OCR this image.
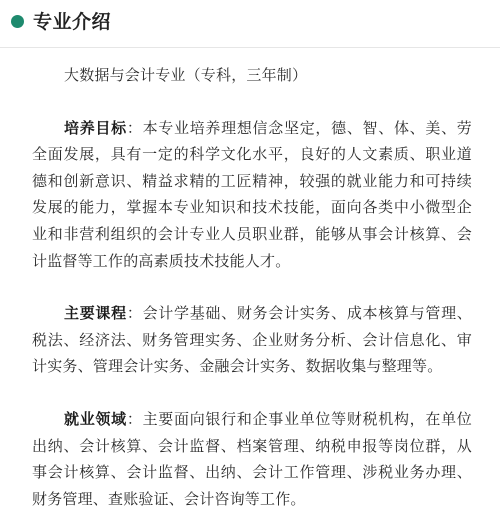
专业介绍

大数据与会计专业（专科，三年制）

培养目标：本专业培养理想信念坚定，德、智、体、美、劳全面发展，具有一定的科学文化水平，良好的人文素质、职业道德和创新意识、精益求精的工匠精神，较强的就业能力和可持续发展的能力，掌握本专业知识和技术技能，面向各类中小微型企业和非营利组织的会计专业人员职业群，能够从事会计核算、会计监督等工作的高素质技术技能人才。

主要课程：会计学基础、财务会计实务、成本核算与管理、税法、经济法、财务管理实务、企业财务分析、会计信息化、审计实务、管理会计实务、金融会计实务、数据收集与整理等。

就业领域：主要面向银行和企事业单位等财税机构，在单位出纳、会计核算、会计监督、档案管理、纳税申报等岗位群，从事会计核算、会计监督、出纳、会计工作管理、涉税业务办理、财务管理、查账验证、会计咨询等工作。
